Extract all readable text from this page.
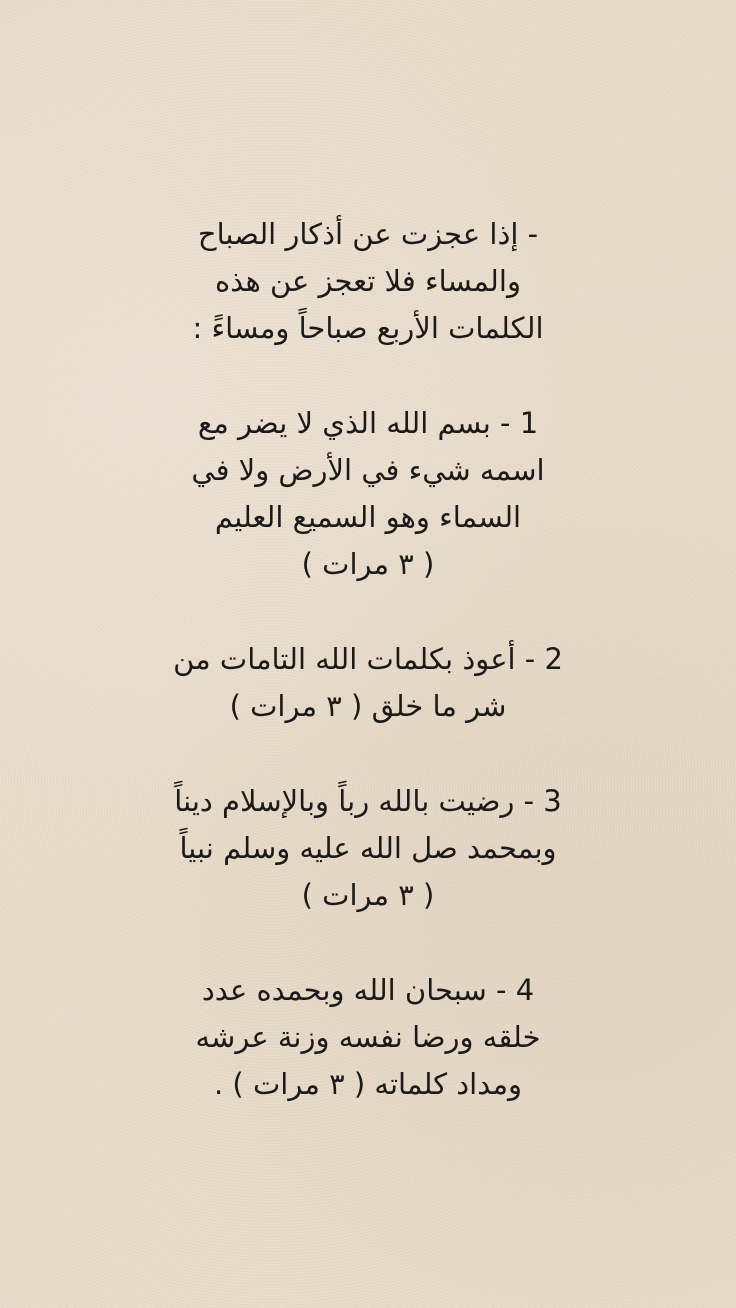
- إذا عجزت عن أذكار الصباح
والمساء فلا تعجز عن هذه
الكلمات الأربع صباحاً ومساءً :
1 - بسم الله الذي لا يضر مع
اسمه شيء في الأرض ولا في
السماء وهو السميع العليم
( ٣ مرات )
2 - أعوذ بكلمات الله التامات من
شر ما خلق ( ٣ مرات )
3 - رضيت بالله رباً وبالإسلام ديناً
وبمحمد صل الله عليه وسلم نبياً
( ٣ مرات )
4 - سبحان الله وبحمده عدد
خلقه ورضا نفسه وزنة عرشه
ومداد كلماته ( ٣ مرات ) .
